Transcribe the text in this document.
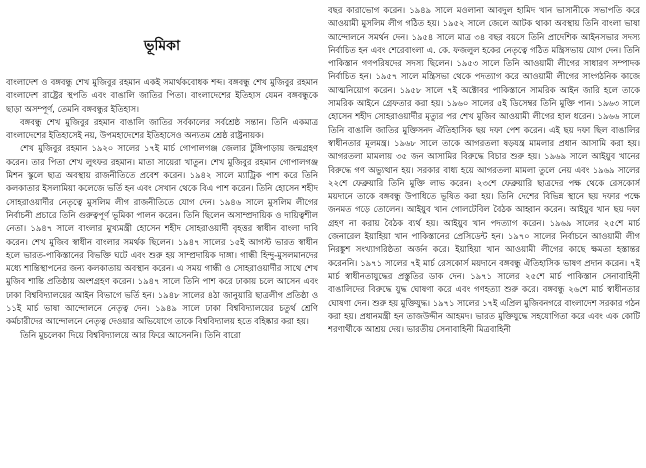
ভূমিকা

বাংলাদেশ ও বঙ্গবন্ধু শেখ মুজিবুর রহমান একই সমার্থকবোধক শব্দ। বঙ্গবন্ধু শেখ মুজিবুর রহমান বাংলাদেশ রাষ্ট্রের স্থপতি এবং বাঙালি জাতির পিতা। বাংলাদেশের ইতিহাস যেমন বঙ্গবন্ধুকে ছাড়া অসম্পূর্ণ, তেমনি বঙ্গবন্ধুর ইতিহাস।

বঙ্গবন্ধু শেখ মুজিবুর রহমান বাঙালি জাতির সর্বকালের সর্বশ্রেষ্ঠ সন্তান। তিনি একমাত্র বাংলাদেশের ইতিহাসেই নয়, উপমহাদেশের ইতিহাসেও অন্যতম শ্রেষ্ঠ রাষ্ট্রনায়ক।

শেখ মুজিবুর রহমান ১৯২০ সালের ১৭ই মার্চ গোপালগঞ্জ জেলার টুঙ্গিপাড়ায় জন্মগ্রহণ করেন। তার পিতা শেখ লুৎফর রহমান। মাতা সায়েরা খাতুন। শেখ মুজিবুর রহমান গোপালগঞ্জ মিশন স্কুলে ছাত্র অবস্থায় রাজনীতিতে প্রবেশ করেন। ১৯৪২ সালে ম্যাট্রিক পাশ করে তিনি কলকাতার ইসলামিয়া কলেজে ভর্তি হন এবং সেখান থেকে বিএ পাশ করেন। তিনি হোসেন শহীদ সোহরাওয়ার্দীর নেতৃত্বে মুসলিম লীগ রাজনীতিতে যোগ দেন। ১৯৪৬ সালে মুসলিম লীগের নির্বাচনী প্রচারে তিনি গুরুত্বপূর্ণ ভূমিকা পালন করেন। তিনি ছিলেন অসাম্প্রদায়িক ও দায়িত্বশীল নেতা। ১৯৪৭ সালে বাংলার মুখ্যমন্ত্রী হোসেন শহীদ সোহরাওয়ার্দী বৃহত্তর স্বাধীন বাংলা দাবি করেন। শেখ মুজিব স্বাধীন বাংলার সমর্থক ছিলেন। ১৯৪৭ সালের ১৫ই আগস্ট ভারত স্বাধীন হলে ভারত-পাকিস্তানের বিভক্তি ঘটে এবং শুরু হয় সাম্প্রদায়িক দাঙ্গা। গান্ধী হিন্দু-মুসলমানদের মধ্যে শান্তিস্থাপনের জন্য কলকাতায় অবস্থান করেন। এ সময় গান্ধী ও সোহরাওয়ার্দীর সাথে শেখ মুজিব শান্তি প্রতিষ্ঠায় অংশগ্রহণ করেন। ১৯৪৭ সালে তিনি পাশ করে ঢাকায় চলে আসেন এবং ঢাকা বিশ্ববিদ্যালয়ের আইন বিভাগে ভর্তি হন। ১৯৪৮ সালের ৪ঠা জানুয়ারি ছাত্রলীগ প্রতিষ্ঠা ও ১১ই মার্চ ভাষা আন্দোলনে নেতৃত্ব দেন। ১৯৪৯ সালে ঢাকা বিশ্ববিদ্যালয়ের চতুর্থ শ্রেণি কর্মচারীদের আন্দোলনে নেতৃত্ব দেওয়ার অভিযোগে তাকে বিশ্ববিদ্যালয় হতে বহিষ্কার করা হয়।

তিনি মুচলেকা দিয়ে বিশ্ববিদ্যালয়ে আর ফিরে আসেননি। তিনি বারো

বছর কারাভোগ করেন। ১৯৪৯ সালে মওলানা আবদুল হামিদ খান ভাসানীকে সভাপতি করে আওয়ামী মুসলিম লীগ গঠিত হয়। ১৯৫২ সালে জেলে আটক থাকা অবস্থায় তিনি বাংলা ভাষা আন্দোলনে সমর্থন দেন। ১৯৫৪ সালে মাত্র ৩৪ বছর বয়সে তিনি প্রাদেশিক আইনসভার সদস্য নির্বাচিত হন এবং শেরেবাংলা এ. কে. ফজলুল হকের নেতৃত্বে গঠিত মন্ত্রিসভায় যোগ দেন। তিনি পাকিস্তান গণপরিষদের সদস্য ছিলেন। ১৯৫৩ সালে তিনি আওয়ামী লীগের সাধারণ সম্পাদক নির্বাচিত হন। ১৯৫৭ সালে মন্ত্রিসভা থেকে পদত্যাগ করে আওয়ামী লীগের সাংগঠনিক কাজে আত্মনিয়োগ করেন। ১৯৫৮ সালে ৭ই অক্টোবর পাকিস্তানে সামরিক আইন জারি হলে তাকে সামরিক আইনে গ্রেফতার করা হয়। ১৯৬০ সালের ৫ই ডিসেম্বর তিনি মুক্তি পান। ১৯৬৩ সালে হোসেন শহীদ সোহরাওয়ার্দীর মৃত্যুর পর শেখ মুজিব আওয়ামী লীগের হাল ধরেন। ১৯৬৬ সালে তিনি বাঙালি জাতির মুক্তিসনদ ঐতিহাসিক ছয় দফা পেশ করেন। এই ছয় দফা ছিল বাঙালির স্বাধীনতার মূলমন্ত্র। ১৯৬৮ সালে তাকে আগরতলা ষড়যন্ত্র মামলার প্রধান আসামি করা হয়। আগরতলা মামলায় ৩৫ জন আসামির বিরুদ্ধে বিচার শুরু হয়। ১৯৬৯ সালে আইয়ুব খানের বিরুদ্ধে গণ অভ্যুত্থান হয়। সরকার বাধ্য হয়ে আগরতলা মামলা তুলে নেয় এবং ১৯৬৯ সালের ২২শে ফেব্রুয়ারি তিনি মুক্তি লাভ করেন। ২৩শে ফেব্রুয়ারি ছাত্রদের পক্ষ থেকে রেসকোর্স ময়দানে তাকে বঙ্গবন্ধু উপাধিতে ভূষিত করা হয়। তিনি দেশের বিভিন্ন স্থানে ছয় দফার পক্ষে জনমত গড়ে তোলেন। আইয়ুব খান গোলটেবিল বৈঠক আহ্বান করেন। আইয়ুব খান ছয় দফা গ্রহণ না করায় বৈঠক ব্যর্থ হয়। আইয়ুব খান পদত্যাগ করেন। ১৯৬৯ সালের ২৫শে মার্চ জেনারেল ইয়াহিয়া খান পাকিস্তানের প্রেসিডেন্ট হন। ১৯৭০ সালের নির্বাচনে আওয়ামী লীগ নিরঙ্কুশ সংখ্যাগরিষ্ঠতা অর্জন করে। ইয়াহিয়া খান আওয়ামী লীগের কাছে ক্ষমতা হস্তান্তর করেননি। ১৯৭১ সালের ৭ই মার্চ রেসকোর্স ময়দানে বঙ্গবন্ধু ঐতিহাসিক ভাষণ প্রদান করেন। ৭ই মার্চ স্বাধীনতাযুদ্ধের প্রস্তুতির ডাক দেন। ১৯৭১ সালের ২৫শে মার্চ পাকিস্তান সেনাবাহিনী বাঙালিদের বিরুদ্ধে যুদ্ধ ঘোষণা করে এবং গণহত্যা শুরু করে। বঙ্গবন্ধু ২৬শে মার্চ স্বাধীনতার ঘোষণা দেন। শুরু হয় মুক্তিযুদ্ধ। ১৯৭১ সালের ১৭ই এপ্রিল মুজিবনগরে বাংলাদেশ সরকার গঠন করা হয়। প্রধানমন্ত্রী হন তাজউদ্দীন আহমদ। ভারত মুক্তিযুদ্ধে সহযোগিতা করে এবং এক কোটি শরণার্থীকে আশ্রয় দেয়। ভারতীয় সেনাবাহিনী মিত্রবাহিনী
